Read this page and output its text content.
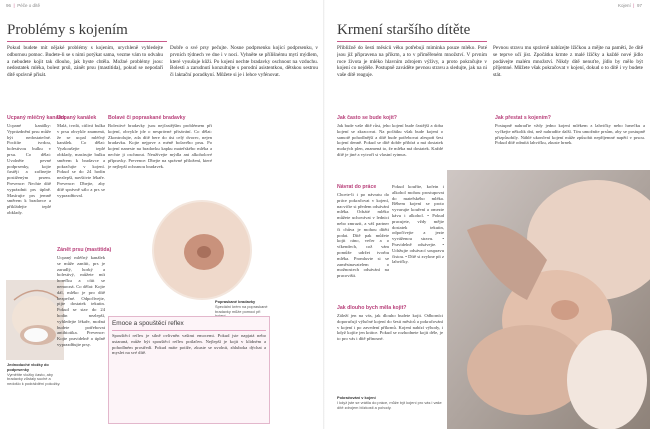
96  |  Péče o dítě
Problémy s kojením
Pokud budete mít nějaké problémy s kojením, urychleně vyhledejte odbornou pomoc. Budete-li se s nimi potýkat sama, vezme vám to odvahu a nebudete kojit tak dlouho, jak byste chtěla. Možné problémy jsou: nedostatek mléka, bolest prsů, zánět prsu (mastitida), pokud se nepodaří dítě správně přisát.
Dobře o své prsy pečujte. Nosne podprsenku kojicí podprsenku, v prvních týdnech ve dne i v noci. Vyhněte se přílišnému mytí mýdlem, které vysušuje kůži. Po kojení nechte bradavky oschnout na vzduchu. Bolesti a zarudnutí konzultujte s porodní asistentkou, dětskou sestrou či laktační poradkyní. Můžete si je i lehce vyfénovat.
Ucpaný mléčný kanálek
Ucpané kanálky: Vyprázdnění prsu může být nedostatečné. Pocítíte tvrdou, bolestivou bulku v prsu. Co dělat: Uvolněte pevné podprsenky, kojte častěji a začínejte postiženým prsem. Prevence: Nechte dítě vyprázdnit prs úplně. Masírujte prs jemně směrem k bradavce a přikládejte teplé obklady.
Jednoduché vložky do podprsenky
Vyměňte vložky často, aby bradavky zůstaly suché a nedošlo k podráždění pokožky.
Ucpaný kanálek
Malá, tvrdá, citlivá bulka v prsu obvykle znamená, že se ucpal mléčný kanálek. Co dělat: Vyzkoušejte teplé obklady, masírujte bulku směrem k bradavce a pokračujte v kojení. Pokud se do 24 hodin nezlepší, navštivte lékaře. Prevence: Dbejte, aby dítě správně sálo a prs se vyprazdňoval.
Zánět prsu (mastitida)
Ucpaný mléčný kanálek se může zanítit, prs je zarudlý, horký a bolestivý, můžete mít horečku a cítit se nemocná. Co dělat: Kojte dál, mléko je pro dítě bezpečné. Odpočívejte, pijte dostatek tekutin. Pokud se stav do 24 hodin nezlepší, vyhledejte lékaře, možná budete potřebovat antibiotika. Prevence: Kojte pravidelně a úplně vyprazdňujte prsy.
Bolavé či popraskané bradavky
Bolestivé bradavky jsou nejčastějším problémem při kojení, obvykle jde o nesprávné přisávání. Co dělat: Zkontrolujte, zda dítě bere do úst celý dvorec, nejen bradavku. Kojte nejprve z méně bolavého prsu. Po kojení naneste na bradavku kapku mateřského mléka a nechte ji oschnout. Neužívejte mýdla ani alkoholové přípravky. Prevence: Dbejte na správné přiložení, které je nejlepší ochranou bradavek.
Popraskané bradavky
Speciální krém na popraskané bradavky může pomoci při
Emoce a spouštěcí reflex
Spouštěcí reflex je silně ovlivněn vašimi emocemi. Pokud jste napjatá nebo ustaraná, může být spouštěcí reflex potlačen. Nejlepší je kojit v klidném a pohodlném prostředí. Pokud máte potíže, zkuste se uvolnit, zhluboka dýchat a myslet na své dítě.
Kojení  |  97
Krmení staršího dítěte
Přibližně do šesti měsíců věku potřebují miminka pouze mléko. Poté jsou již připravena na příkrm, a to v přiměřeném množství. V prvním roce života je mléko hlavním zdrojem výživy, a proto pokračujte v kojení co nejdéle. Postupně zaváděte pevnou stravu a sledujte, jak na ni vaše dítě reaguje.
Pevnou stravu mu správně nabízejte lžičkou a mějte na paměti, že dítě se teprve učí jíst. Zpočátku krmte z malé lžičky a každé nové jídlo podávejte malém množství. Nikdy dítě nenuťte, jídlo by mělo být příjemné. Můžete však pokračovat v kojení, dokud o to dítě i vy budete stát.
Jak často se bude kojit?
Jak bude vaše dítě růst, jeho kojení bude častější a doba kojení se zkracovat. Na počátku však bude kojení o samotě pohodlnější a dítě bude potřebovat alespoň šest kojení denně. Pokud se dítě dobře přibírá a má dostatek mokrých plen, znamená to, že mléka má dostatek. Každé dítě je jiné a vytvoří si vlastní rytmus.
Návrat do práce
Chcete-li i po návratu do práce pokračovat v kojení, nacvičte si předem odsávání mléka. Odsáté mléko můžete uchovávat v lednici nebo zmrazit, a váš partner či chůva je mohou dítěti podat. Dítě pak můžete kojit ráno, večer a o víkendech, což vám pomůže udržet tvorbu mléka. Promluvte si se zaměstnavatelem o možnostech odsávání na pracovišti.
Pokud kouříte, kofein i alkohol mohou prostupovat do mateřského mléka. Během kojení se proto vyvarujte kouření a omezte kávu i alkohol. • Pokud pracujete, vždy mějte dostatek tekutin, odpočívejte a jezte vyváženou stravu. • Pravidelně odsávejte. • Udržujte odsávací soupravu čistou. • Dítě si zvykne pít z lahvičky.
Jak dlouho bych měla kojit?
Záleží jen na vás, jak dlouho budete kojit. Odborníci doporučují výlučné kojení do šesti měsíců a pokračování v kojení i po zavedení příkrmů. Kojení nabízí výhody, i když kojíte jen krátce. Pokud se rozhodnete kojit déle, je to pro vás i dítě přínosné.
Pokračování v kojení
I když jste se vrátila do práce, může být kojení pro vás i vaše dítě zdrojem blízkosti a pohody.
Jak přestat s kojením?
Postupně nahraďte vždy jedno kojení mlékem z lahvičky nebo hrnečku a vyčkejte několik dní, než nahradíte další. Tím umožníte prsům, aby se postupně přizpůsobily. Náhlé ukončení kojení může způsobit nepříjemné napětí v prsou. Pokud dítě odmítá lahvičku, zkuste hrnek.
